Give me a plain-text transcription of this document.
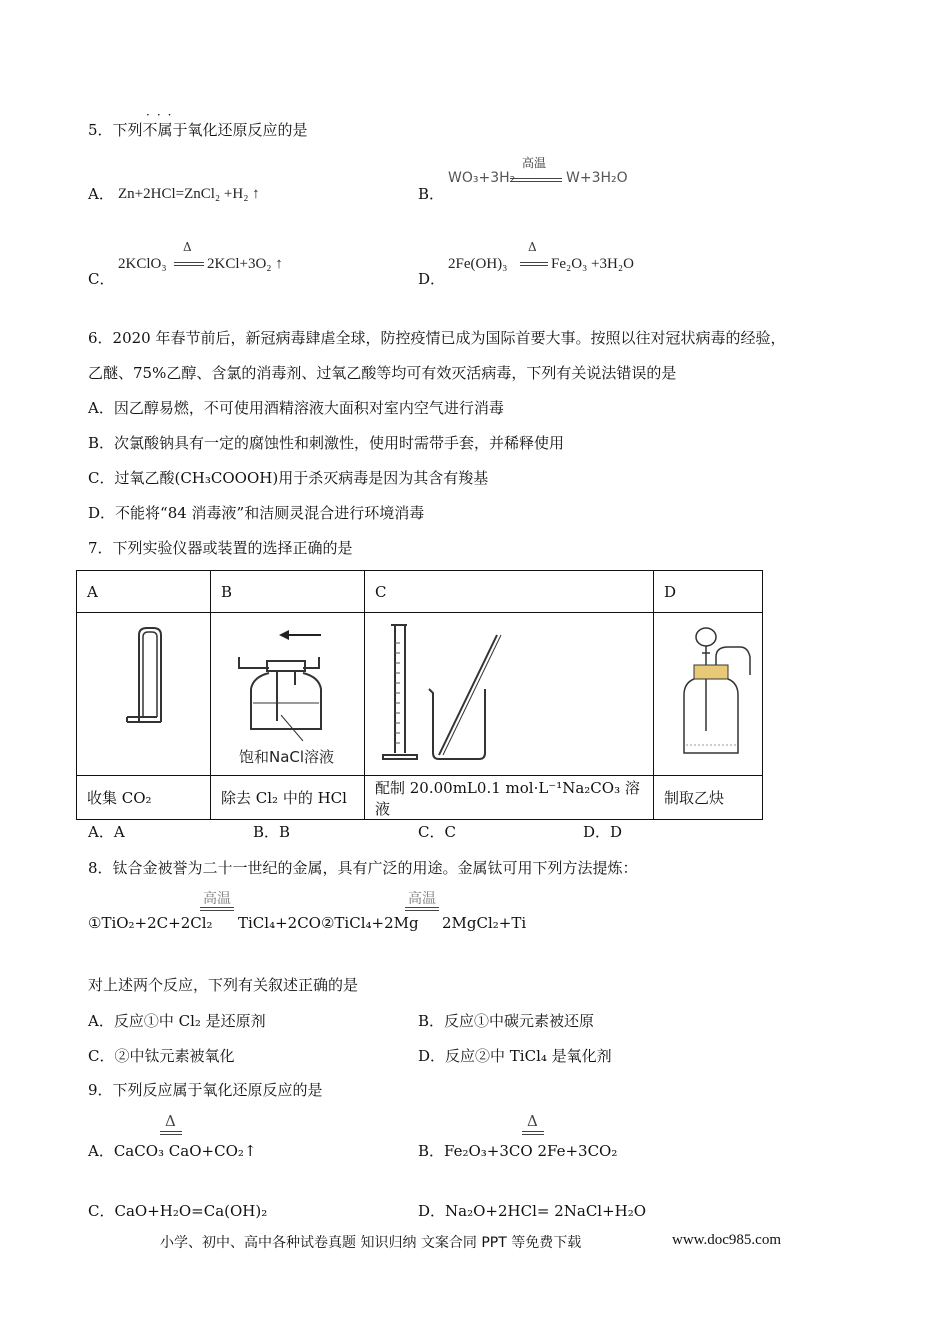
···
5．下列不属于氧化还原反应的是
A． Zn+2HCl=ZnCl₂ +H₂ ↑	B．
WO₃+3H₂
高温
W+3H₂O
C．
2KClO₃
Δ
2KCl+3O₂ ↑
D．
2Fe(OH)₃
Δ
Fe₂O₃ +3H₂O
6．2020 年春节前后，新冠病毒肆虐全球，防控疫情已成为国际首要大事。按照以往对冠状病毒的经验，
乙醚、75%乙醇、含氯的消毒剂、过氧乙酸等均可有效灭活病毒，下列有关说法错误的是
A．因乙醇易燃，不可使用酒精溶液大面积对室内空气进行消毒
B．次氯酸钠具有一定的腐蚀性和刺激性，使用时需带手套，并稀释使用
C．过氧乙酸(CH₃COOOH)用于杀灭病毒是因为其含有羧基
D．不能将“84 消毒液”和洁厕灵混合进行环境消毒
7．下列实验仪器或装置的选择正确的是
A	B	C	D

饱和NaCl溶液

收集 CO₂	除去 Cl₂ 中的 HCl	配制 20.00mL0.1 mol·L⁻¹Na₂CO₃ 溶液	制取乙炔
A．A	B．B	C．C	D．D
8．钛合金被誉为二十一世纪的金属，具有广泛的用途。金属钛可用下列方法提炼：
高温	高温
①TiO₂+2C+2Cl₂ TiCl₄+2CO②TiCl₄+2Mg 2MgCl₂+Ti
对上述两个反应，下列有关叙述正确的是
A．反应①中 Cl₂ 是还原剂	B．反应①中碳元素被还原
C．②中钛元素被氧化	D．反应②中 TiCl₄ 是氧化剂
9．下列反应属于氧化还原反应的是
Δ
A．CaCO₃ CaO+CO₂↑
Δ
B．Fe₂O₃+3CO 2Fe+3CO₂
C．CaO+H₂O=Ca(OH)₂	D．Na₂O+2HCl= 2NaCl+H₂O
小学、初中、高中各种试卷真题 知识归纳 文案合同 PPT 等免费下载	www.doc985.com
